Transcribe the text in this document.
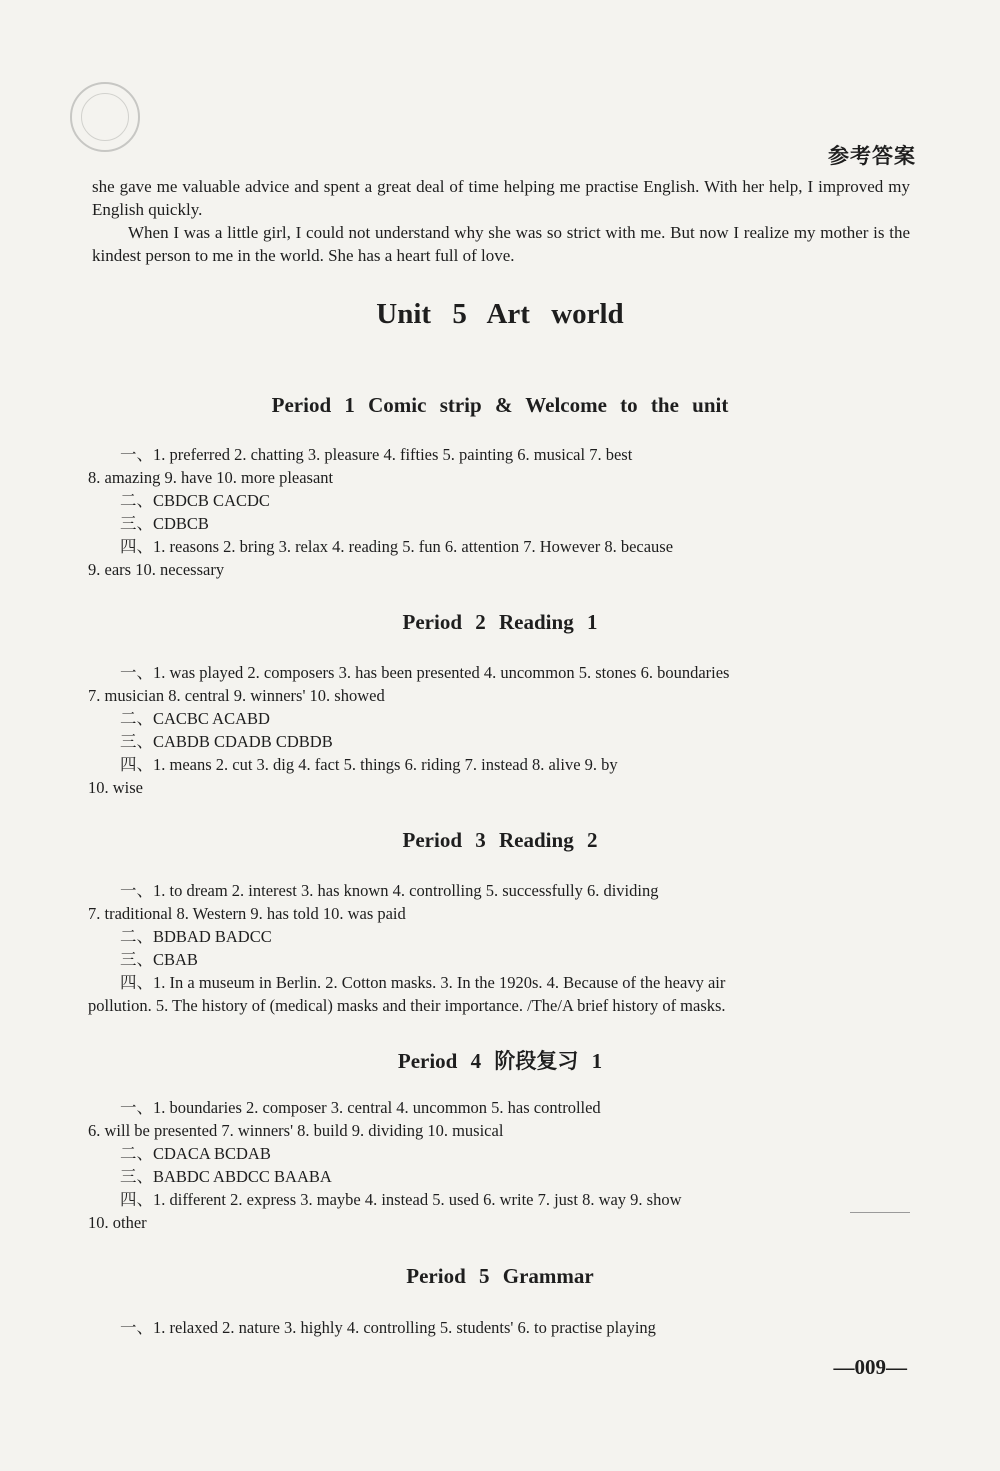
参考答案

she gave me valuable advice and spent a great deal of time helping me practise English. With her help, I improved my English quickly.

When I was a little girl, I could not understand why she was so strict with me. But now I realize my mother is the kindest person to me in the world. She has a heart full of love.

Unit 5 Art world
Period 1 Comic strip & Welcome to the unit
一、1. preferred 2. chatting 3. pleasure 4. fifties 5. painting 6. musical 7. best
8. amazing 9. have 10. more pleasant
二、CBDCB CACDC
三、CDBCB
四、1. reasons 2. bring 3. relax 4. reading 5. fun 6. attention 7. However 8. because
9. ears 10. necessary
Period 2 Reading 1
一、1. was played 2. composers 3. has been presented 4. uncommon 5. stones 6. boundaries
7. musician 8. central 9. winners' 10. showed
二、CACBC ACABD
三、CABDB CDADB CDBDB
四、1. means 2. cut 3. dig 4. fact 5. things 6. riding 7. instead 8. alive 9. by
10. wise
Period 3 Reading 2
一、1. to dream 2. interest 3. has known 4. controlling 5. successfully 6. dividing
7. traditional 8. Western 9. has told 10. was paid
二、BDBAD BADCC
三、CBAB
四、1. In a museum in Berlin. 2. Cotton masks. 3. In the 1920s. 4. Because of the heavy air
pollution. 5. The history of (medical) masks and their importance. /The/A brief history of masks.
Period 4 阶段复习 1
一、1. boundaries 2. composer 3. central 4. uncommon 5. has controlled
6. will be presented 7. winners' 8. build 9. dividing 10. musical
二、CDACA BCDAB
三、BABDC ABDCC BAABA
四、1. different 2. express 3. maybe 4. instead 5. used 6. write 7. just 8. way 9. show
10. other
Period 5 Grammar
一、1. relaxed 2. nature 3. highly 4. controlling 5. students' 6. to practise playing
—009—
